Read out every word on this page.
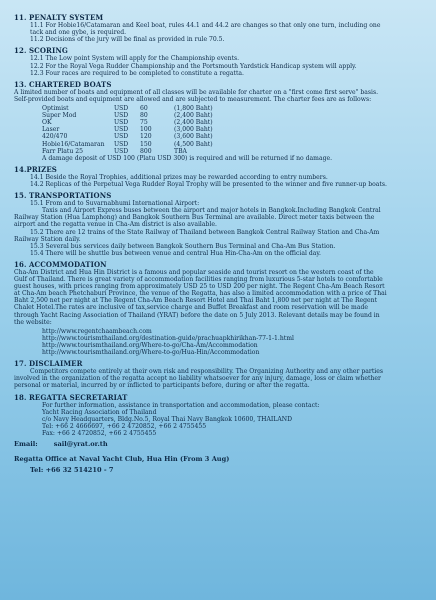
11. PENALTY SYSTEM

11.1 For Hobie16/Catamaran and Keel boat, rules 44.1 and 44.2 are changes so that only one turn, including one

tack and one gybe, is required.

11.2 Decisions of the jury will be final as provided in rule 70.5.

12. SCORING

12.1 The Low point System will apply for the Championship events.

12.2 For the Royal Vega Rudder Championship and the Portsmouth Yardstick Handicap system will apply.

12.3 Four races are required to be completed to constitute a regatta.

13. CHARTERED BOATS

A limited number of boats and equipment of all classes will be available for charter on a "first come first serve" basis.

Self-provided boats and equipment are allowed and are subjected to measurement. The charter fees are as follows:

Optimist	USD	60	(1,800 Baht)
Super Mod	USD	80	(2,400 Baht)
OK	USD	75	(2,400 Baht)
Laser	USD	100	(3,000 Baht)
420/470	USD	120	(3,600 Baht)
Hobie16/Catamaran	USD	150	(4,500 Baht)
Farr Platu 25	USD	800	TBA

A damage deposit of USD 100 (Platu USD 300) is required and will be returned if no damage.

14.PRIZES

14.1 Beside the Royal Trophies, additional prizes may be rewarded according to entry numbers.

14.2 Replicas of the Perpetual Vega Rudder Royal Trophy will be presented to the winner and five runner-up boats.

15. TRANSPORTATIONS

15.1 From and to Suvarnabhumi International Airport:

Taxis and Airport Express buses between the airport and major hotels in Bangkok.Including Bangkok Central

Railway Station (Hua Lamphong) and Bangkok Southern Bus Terminal are available. Direct meter taxis between the

airport and the regatta venue in Cha-Am district is also available.

15.2 There are 12 trains of the State Railway of Thailand between Bangkok Central Railway Station and Cha-Am

Railway Station daily.

15.3 Several bus services daily between Bangkok Southern Bus Terminal and Cha-Am Bus Station.

15.4 There will be shuttle bus between venue and central Hua Hin-Cha-Am on the official day.

16. ACCOMMODATION

Cha-Am District and Hua Hin District is a famous and popular seaside and tourist resort on the western coast of the

Gulf of Thailand. There is great variety of accommodation facilities ranging from luxurious 5-star hotels to comfortable

guest houses, with prices ranging from approximately USD 25 to USD 200 per night. The Regent Cha-Am Beach Resort

at Cha-Am beach Phetchaburi Province, the venue of the Regatta, has also a limited accommodation with a price of Thai

Baht 2,500 net per night at The Regent Cha-Am Beach Resort Hotel and Thai Baht 1,800 net per night at The Regent

Chalet Hotel.The rates are inclusive of tax,service charge and Buffet Breakfast and room reservation will be made

through Yacht Racing Association of Thailand (YRAT) before the date on 5 July 2013. Relevant details may be found in

the website:

http://www.regentchaambeach.com
http://www.tourismthailand.org/destination-guide/prachuapkhirikhan-77-1-1.html
http://www.tourismthailand.org/Where-to-go/Cha-Am/Accommodation
http://www.tourismthailand.org/Where-to-go/Hua-Hin/Accommodation
17. DISCLAIMER

Competitors compete entirely at their own risk and responsibility. The Organizing Authority and any other parties

involved in the organization of the regatta accept no liability whatsoever for any injury, damage, loss or claim whether

personal or material, incurred by or inflicted to participants before, during or after the regatta.

18. REGATTA SECRETARIAT

For further information, assistance in transportation and accommodation, please contact:

Yacht Racing Association of Thailand

c/o Navy Headquarters, Bldg.No.5, Royal Thai Navy Bangkok 10600, THAILAND

Tel: +66 2 4666697, +66 2 4720852, +66 2 4755455

Fax: +66 2 4720852, +66 2 4755455

Email: sail@yrat.or.th
Regatta Office at Naval Yacht Club, Hua Hin (From 3 Aug)
Tel: +66 32 514210 - 7
